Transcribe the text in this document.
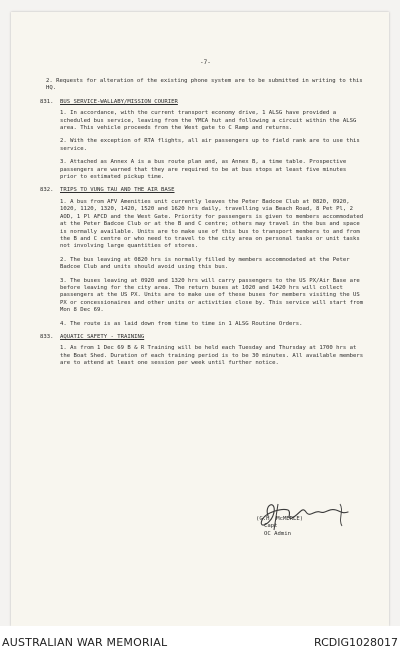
-7-

2. Requests for alteration of the existing phone system are to be submitted in writing to this HQ.

831. BUS SERVICE-WALLABY/MISSION COURIER

1. In accordance, with the current transport economy drive, 1 ALSG have provided a scheduled bus service, leaving from the YMCA hut and following a circuit within the ALSG area. This vehicle proceeds from the West gate to C Ramp and returns.

2. With the exception of RTA flights, all air passengers up to field rank are to use this service.

3. Attached as Annex A is a bus route plan and, as Annex B, a time table. Prospective passengers are warned that they are required to be at bus stops at least five minutes prior to estimated pickup time.

832. TRIPS TO VUNG TAU AND THE AIR BASE

1. A bus from AFV Amenities unit currently leaves the Peter Badcoe Club at 0820, 0920, 1020, 1120, 1320, 1420, 1520 and 1620 hrs daily, travelling via Beach Road, 8 Pet Pl, 2 AOD, 1 Pl AFCD and the West Gate. Priority for passengers is given to members accommodated at the Peter Badcoe Club or at the B and C centre; others may travel in the bus and space is normally available. Units are to make use of this bus to transport members to and from the B and C centre or who need to travel to the city area on personal tasks or unit tasks not involving large quantities of stores.

2. The bus leaving at 0820 hrs is normally filled by members accommodated at the Peter Badcoe Club and units should avoid using this bus.

3. The buses leaving at 0920 and 1320 hrs will carry passengers to the US PX/Air Base are before leaving for the city area. The return buses at 1020 and 1420 hrs will collect passengers at the US PX. Units are to make use of these buses for members visiting the US PX or concessionaires and other units or activities close by. This service will start from Mon 8 Dec 69.

4. The route is as laid down from time to time in 1 ALSG Routine Orders.

833. AQUATIC SAFETY - TRAINING

1. As from 1 Dec 69 B & R Training will be held each Tuesday and Thursday at 1700 hrs at the Boat Shed. Duration of each training period is to be 30 minutes. All available members are to attend at least one session per week until further notice.

(G.H. McMERLE)
Capt
OC Admin
AUSTRALIAN WAR MEMORIAL	RCDIG1028017
